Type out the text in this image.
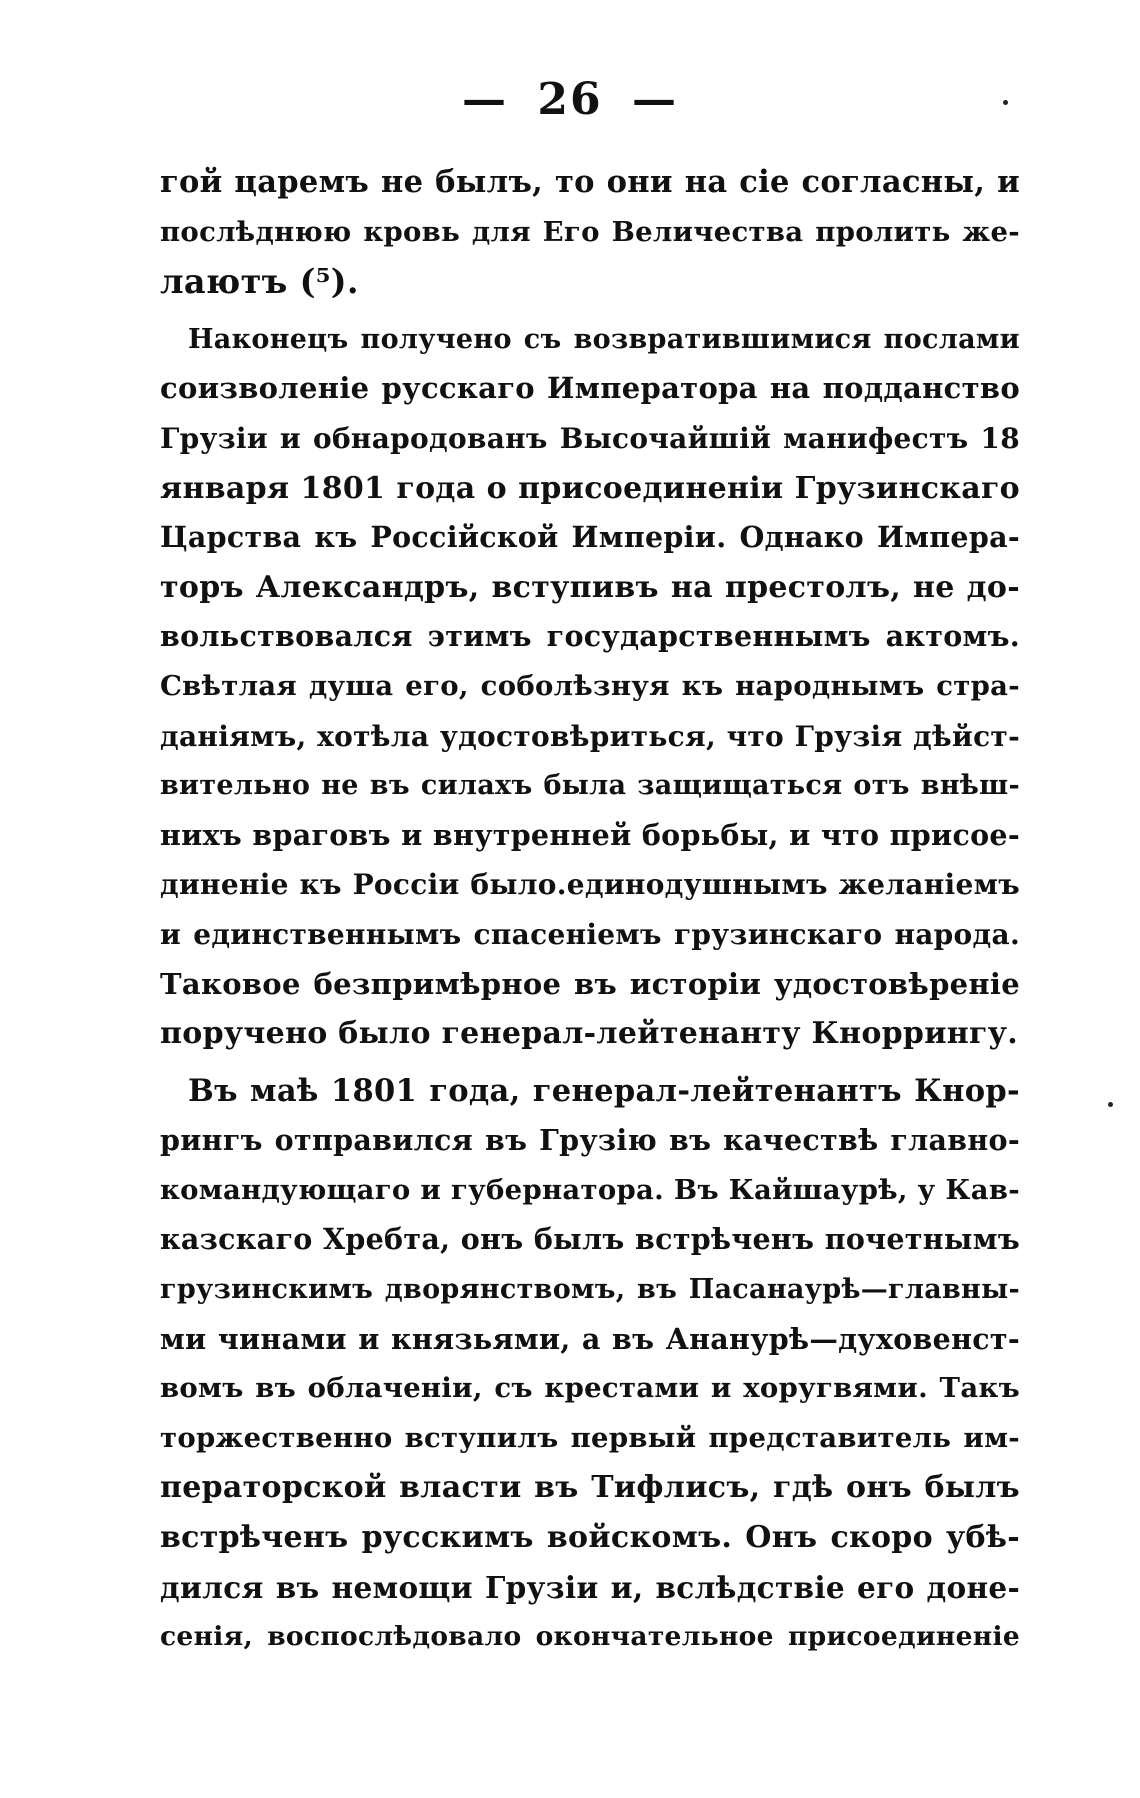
— 26 —
гой царемъ не былъ, то они на сіе согласны, и
послѣднюю кровь для Его Величества пролить же-
лаютъ (⁵).
Наконецъ получено съ возвратившимися послами
соизволеніе русскаго Императора на подданство
Грузіи и обнародованъ Высочайшій манифестъ 18
января 1801 года о присоединеніи Грузинскаго
Царства къ Россійской Имперіи. Однако Импера-
торъ Александръ, вступивъ на престолъ, не до-
вольствовался этимъ государственнымъ актомъ.
Свѣтлая душа его, соболѣзнуя къ народнымъ стра-
даніямъ, хотѣла удостовѣриться, что Грузія дѣйст-
вительно не въ силахъ была защищаться отъ внѣш-
нихъ враговъ и внутренней борьбы, и что присое-
диненіе къ Россіи было.единодушнымъ желаніемъ
и единственнымъ спасеніемъ грузинскаго народа.
Таковое безпримѣрное въ исторіи удостовѣреніе
поручено было генерал-лейтенанту Кноррингу.
Въ маѣ 1801 года, генерал-лейтенантъ Кнор-
рингъ отправился въ Грузію въ качествѣ главно-
командующаго и губернатора. Въ Кайшаурѣ, у Кав-
казскаго Хребта, онъ былъ встрѣченъ почетнымъ
грузинскимъ дворянствомъ, въ Пасанаурѣ—главны-
ми чинами и князьями, а въ Ананурѣ—духовенст-
вомъ въ облаченіи, съ крестами и хоругвями. Такъ
торжественно вступилъ первый представитель им-
ператорской власти въ Тифлисъ, гдѣ онъ былъ
встрѣченъ русскимъ войскомъ. Онъ скоро убѣ-
дился въ немощи Грузіи и, вслѣдствіе его доне-
сенія, воспослѣдовало окончательное присоединеніе
